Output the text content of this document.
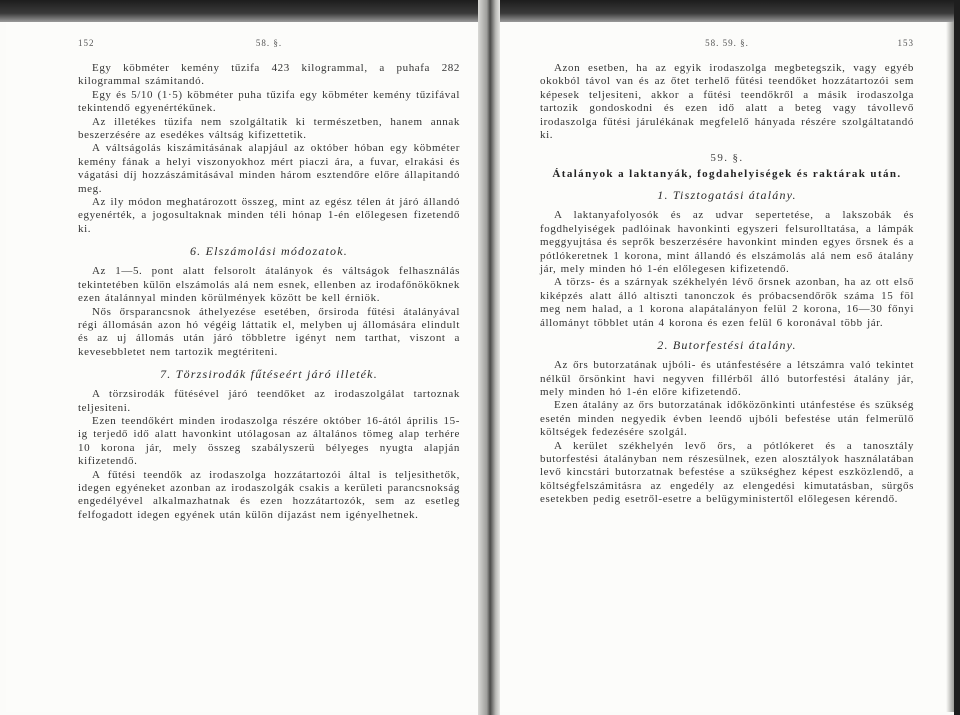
152	58. §.

Egy köbméter kemény tűzifa 423 kilogrammal, a puhafa 282 kilogrammal számitandó.

Egy és 5/10 (1·5) köbméter puha tűzifa egy köbméter kemény tűzifával tekintendő egyenértékűnek.

Az illetékes tüzifa nem szolgáltatik ki természetben, hanem annak beszerzésére az esedékes váltság kifizettetik.

A váltságolás kiszámitásának alapjául az október hóban egy köbméter kemény fának a helyi viszonyokhoz mért piaczi ára, a fuvar, elrakási és vágatási díj hozzászámitásával minden három esztendőre előre állapitandó meg.

Az ily módon meghatározott összeg, mint az egész télen át járó állandó egyenérték, a jogosultaknak minden téli hónap 1-én előlegesen fizetendő ki.

6. Elszámolási módozatok.

Az 1—5. pont alatt felsorolt átalányok és váltságok felhasználás tekintetében külön elszámolás alá nem esnek, ellenben az irodafőnököknek ezen átalánnyal minden körülmények között be kell érniök.

Nős őrsparancsnok áthelyezése esetében, őrsiroda fűtési átalányával régi állomásán azon hó végéig láttatik el, melyben uj állomására elindult és az uj állomás után járó többletre igényt nem tarthat, viszont a kevesebbletet nem tartozik megtériteni.

7. Törzsirodák fűtéseért járó illeték.

A törzsirodák fűtésével járó teendőket az irodaszolgálat tartoznak teljesiteni.

Ezen teendőkért minden irodaszolga részére október 16-ától április 15-ig terjedő idő alatt havonkint utólagosan az általános tömeg alap terhére 10 korona jár, mely összeg szabályszerü bélyeges nyugta alapján kifizetendő.

A fűtési teendők az irodaszolga hozzátartozói által is teljesithetők, idegen egyéneket azonban az irodaszolgák csakis a kerületi parancsnokság engedélyével alkalmazhatnak és ezen hozzátartozók, sem az esetleg felfogadott idegen egyének után külön díjazást nem igényelhetnek.

58. 59. §.	153

Azon esetben, ha az egyik irodaszolga megbetegszik, vagy egyéb okokból távol van és az őtet terhelő fűtési teendőket hozzátartozói sem képesek teljesiteni, akkor a fűtési teendőkről a másik irodaszolga tartozik gondoskodni és ezen idő alatt a beteg vagy távollevő irodaszolga fűtési járulékának megfelelő hányada részére szolgáltatandó ki.

59. §.
Átalányok a laktanyák, fogdahelyiségek és raktárak után.
1. Tisztogatási átalány.

A laktanyafolyosók és az udvar sepertetése, a lakszobák és fogdhelyiségek padlóinak havonkinti egyszeri felsurolltatása, a lámpák meggyujtása és seprők beszerzésére havonkint minden egyes őrsnek és a pótlókeretnek 1 korona, mint állandó és elszámolás alá nem eső átalány jár, mely minden hó 1-én előlegesen kifizetendő.

A törzs- és a szárnyak székhelyén lévő őrsnek azonban, ha az ott első kiképzés alatt álló altiszti tanonczok és próbacsendőrök száma 15 föl meg nem halad, a 1 korona alapátalányon felül 2 korona, 16—30 főnyi állományt többlet után 4 korona és ezen felül 6 koronával több jár.

2. Butorfestési átalány.

Az őrs butorzatának ujbóli- és utánfestésére a létszámra való tekintet nélkül őrsönkint havi negyven fillérből álló butorfestési átalány jár, mely minden hó 1-én előre kifizetendő.

Ezen átalány az őrs butorzatának időközönkinti utánfestése és szükség esetén minden negyedik évben leendő ujbóli befestése után felmerülő költségek fedezésére szolgál.

A kerület székhelyén levő őrs, a pótlókeret és a tanosztály butorfestési átalányban nem részesülnek, ezen alosztályok használatában levő kincstári butorzatnak befestése a szükséghez képest eszközlendő, a költségfelszámitásra az engedély az elengedési kimutatásban, sürgős esetekben pedig esetről-esetre a belügyministertől előlegesen kérendő.
